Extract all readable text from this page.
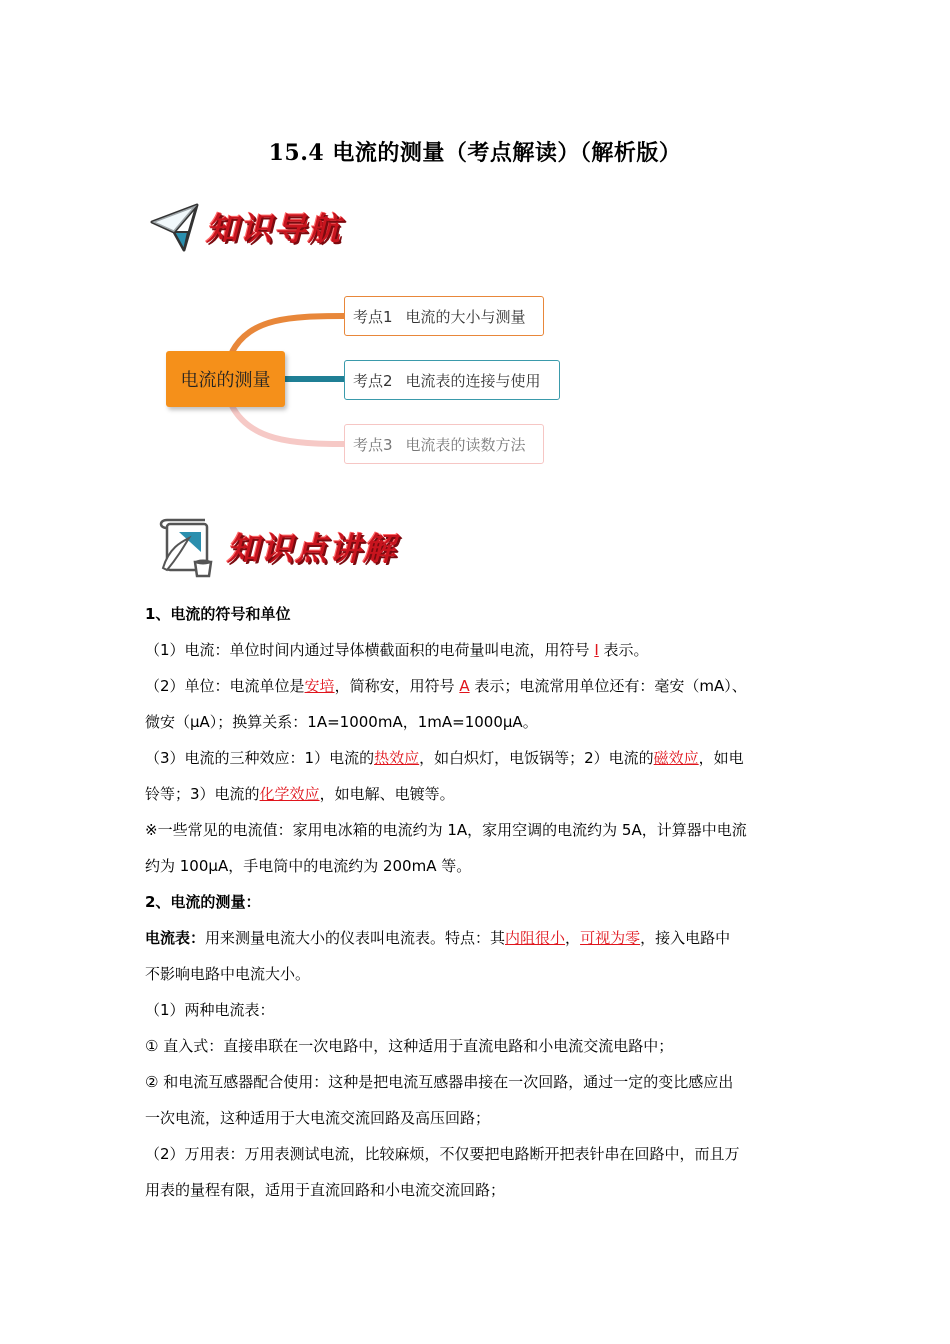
15.4 电流的测量（考点解读）（解析版）
知识导航
电流的测量
考点1 电流的大小与测量
考点2 电流表的连接与使用
考点3 电流表的读数方法
知识点讲解

1、电流的符号和单位

（1）电流：单位时间内通过导体横截面积的电荷量叫电流，用符号 I 表示。

（2）单位：电流单位是安培，简称安，用符号 A 表示；电流常用单位还有：毫安（mA）、

微安（μA）；换算关系：1A=1000mA，1mA=1000μA。

（3）电流的三种效应：1）电流的热效应，如白炽灯，电饭锅等；2）电流的磁效应，如电

铃等；3）电流的化学效应，如电解、电镀等。

※一些常见的电流值：家用电冰箱的电流约为 1A，家用空调的电流约为 5A，计算器中电流

约为 100μA，手电筒中的电流约为 200mA 等。

2、电流的测量：

电流表：用来测量电流大小的仪表叫电流表。特点：其内阻很小，可视为零，接入电路中

不影响电路中电流大小。

（1）两种电流表：

① 直入式：直接串联在一次电路中，这种适用于直流电路和小电流交流电路中；

② 和电流互感器配合使用：这种是把电流互感器串接在一次回路，通过一定的变比感应出

一次电流，这种适用于大电流交流回路及高压回路；

（2）万用表：万用表测试电流，比较麻烦，不仅要把电路断开把表针串在回路中，而且万

用表的量程有限，适用于直流回路和小电流交流回路；
